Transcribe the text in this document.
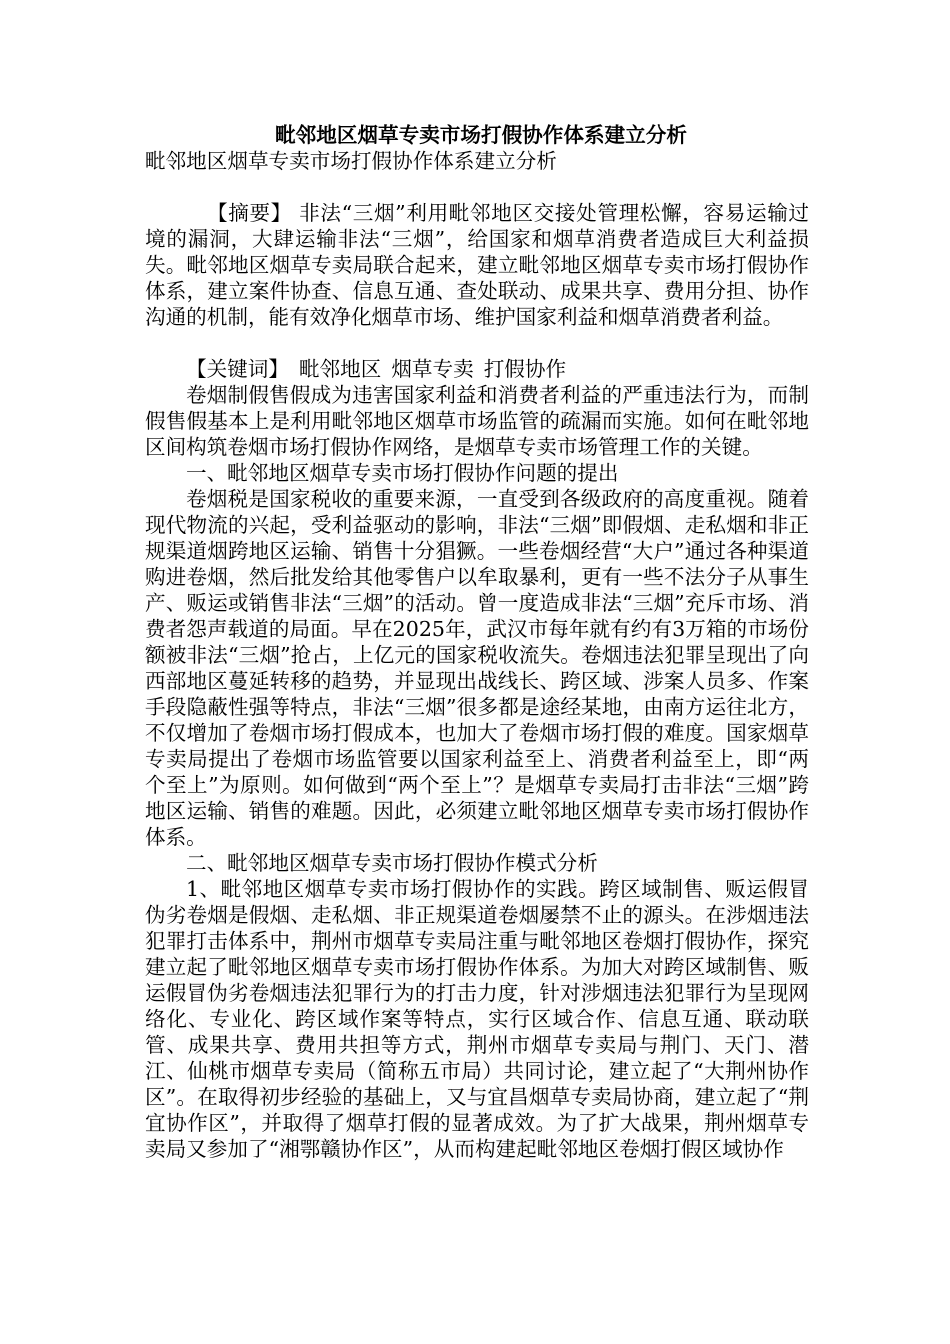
毗邻地区烟草专卖市场打假协作体系建立分析
毗邻地区烟草专卖市场打假协作体系建立分析

【摘要】 非法“三烟”利用毗邻地区交接处管理松懈，容易运输过境的漏洞，大肆运输非法“三烟”，给国家和烟草消费者造成巨大利益损失。毗邻地区烟草专卖局联合起来，建立毗邻地区烟草专卖市场打假协作体系，建立案件协查、信息互通、查处联动、成果共享、费用分担、协作沟通的机制，能有效净化烟草市场、维护国家利益和烟草消费者利益。

【关键词】 毗邻地区 烟草专卖 打假协作

卷烟制假售假成为违害国家利益和消费者利益的严重违法行为，而制假售假基本上是利用毗邻地区烟草市场监管的疏漏而实施。如何在毗邻地区间构筑卷烟市场打假协作网络，是烟草专卖市场管理工作的关键。

一、毗邻地区烟草专卖市场打假协作问题的提出

卷烟税是国家税收的重要来源，一直受到各级政府的高度重视。随着现代物流的兴起，受利益驱动的影响，非法“三烟”即假烟、走私烟和非正规渠道烟跨地区运输、销售十分猖獗。一些卷烟经营“大户”通过各种渠道购进卷烟，然后批发给其他零售户以牟取暴利，更有一些不法分子从事生产、贩运或销售非法“三烟”的活动。曾一度造成非法“三烟”充斥市场、消费者怨声载道的局面。早在2025年，武汉市每年就有约有3万箱的市场份额被非法“三烟”抢占，上亿元的国家税收流失。卷烟违法犯罪呈现出了向西部地区蔓延转移的趋势，并显现出战线长、跨区域、涉案人员多、作案手段隐蔽性强等特点，非法“三烟”很多都是途经某地，由南方运往北方，不仅增加了卷烟市场打假成本，也加大了卷烟市场打假的难度。国家烟草专卖局提出了卷烟市场监管要以国家利益至上、消费者利益至上，即“两个至上”为原则。如何做到“两个至上”？是烟草专卖局打击非法“三烟”跨地区运输、销售的难题。因此，必须建立毗邻地区烟草专卖市场打假协作体系。

二、毗邻地区烟草专卖市场打假协作模式分析

1、毗邻地区烟草专卖市场打假协作的实践。跨区域制售、贩运假冒伪劣卷烟是假烟、走私烟、非正规渠道卷烟屡禁不止的源头。在涉烟违法犯罪打击体系中，荆州市烟草专卖局注重与毗邻地区卷烟打假协作，探究建立起了毗邻地区烟草专卖市场打假协作体系。为加大对跨区域制售、贩运假冒伪劣卷烟违法犯罪行为的打击力度，针对涉烟违法犯罪行为呈现网络化、专业化、跨区域作案等特点，实行区域合作、信息互通、联动联管、成果共享、费用共担等方式，荆州市烟草专卖局与荆门、天门、潜江、仙桃市烟草专卖局（简称五市局）共同讨论，建立起了“大荆州协作区”。在取得初步经验的基础上，又与宜昌烟草专卖局协商，建立起了“荆宜协作区”，并取得了烟草打假的显著成效。为了扩大战果，荆州烟草专卖局又参加了“湘鄂赣协作区”，从而构建起毗邻地区卷烟打假区域协作
